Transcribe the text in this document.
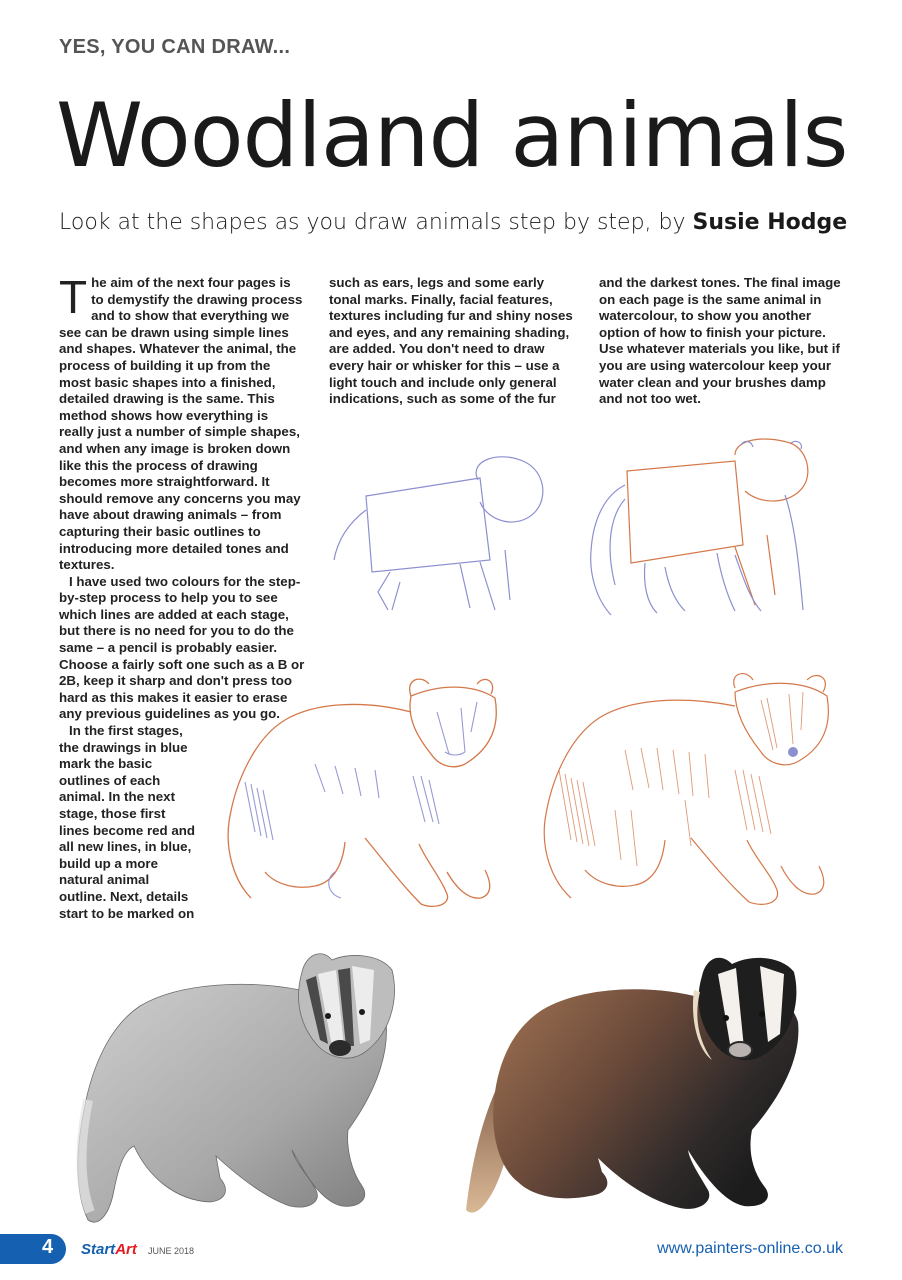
YES, YOU CAN DRAW...
Woodland animals
Look at the shapes as you draw animals step by step, by Susie Hodge

The aim of the next four pages is to demystify the drawing process and to show that everything we see can be drawn using simple lines and shapes. Whatever the animal, the process of building it up from the most basic shapes into a finished, detailed drawing is the same. This method shows how everything is really just a number of simple shapes, and when any image is broken down like this the process of drawing becomes more straightforward. It should remove any concerns you may have about drawing animals – from capturing their basic outlines to introducing more detailed tones and textures.

I have used two colours for the step-by-step process to help you to see which lines are added at each stage, but there is no need for you to do the same – a pencil is probably easier. Choose a fairly soft one such as a B or 2B, keep it sharp and don't press too hard as this makes it easier to erase any previous guidelines as you go.

In the first stages, the drawings in blue mark the basic outlines of each animal. In the next stage, those first lines become red and all new lines, in blue, build up a more natural animal outline. Next, details start to be marked on

such as ears, legs and some early tonal marks. Finally, facial features, textures including fur and shiny noses and eyes, and any remaining shading, are added. You don't need to draw every hair or whisker for this – use a light touch and include only general indications, such as some of the fur

and the darkest tones. The final image on each page is the same animal in watercolour, to show you another option of how to finish your picture. Use whatever materials you like, but if you are using watercolour keep your water clean and your brushes damp and not too wet.

4 StartArt JUNE 2018	www.painters-online.co.uk
